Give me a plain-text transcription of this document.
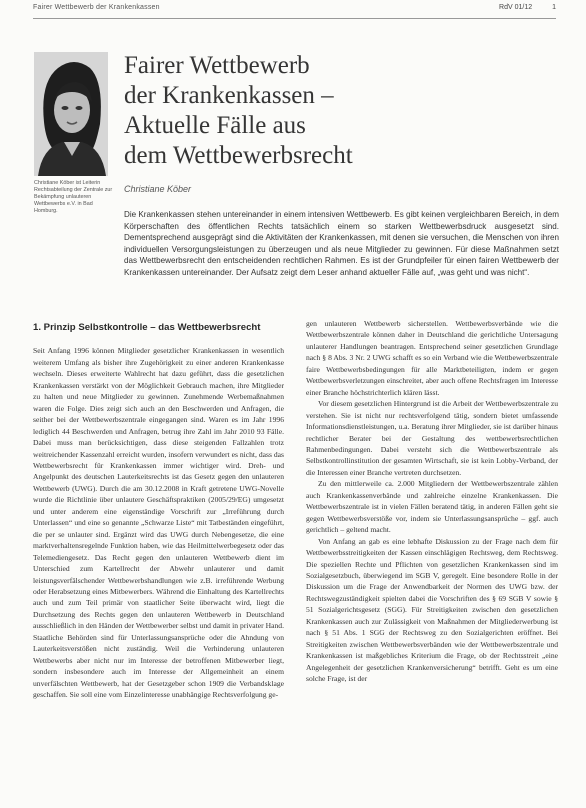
Fairer Wettbewerb der Krankenkassen	RdV 01/12	1
Christiane Köber ist Leiterin Rechtsabteilung der Zentrale zur Bekämpfung unlauteren Wettbewerbs e.V. in Bad Homburg.
Fairer Wettbewerb
der Krankenkassen –
Aktuelle Fälle aus
dem Wettbewerbsrecht
Christiane Köber
Die Krankenkassen stehen untereinander in einem intensiven Wettbewerb. Es gibt keinen vergleichbaren Bereich, in dem Körperschaften des öffentlichen Rechts tatsächlich einem so starken Wettbewerbsdruck ausgesetzt sind. Dementsprechend ausgeprägt sind die Aktivitäten der Krankenkassen, mit denen sie versuchen, die Menschen von ihren individuellen Versorgungsleistungen zu überzeugen und als neue Mitglieder zu gewinnen. Für diese Maßnahmen setzt das Wettbewerbsrecht den entscheidenden rechtlichen Rahmen. Es ist der Grundpfeiler für einen fairen Wettbewerb der Krankenkassen untereinander. Der Aufsatz zeigt dem Leser anhand aktueller Fälle auf, „was geht und was nicht“.
1. Prinzip Selbstkontrolle – das Wettbewerbsrecht

Seit Anfang 1996 können Mitglieder gesetzlicher Krankenkassen in wesentlich weiterem Umfang als bisher ihre Zugehörigkeit zu einer anderen Krankenkasse wechseln. Dieses erweiterte Wahlrecht hat dazu geführt, dass die gesetzlichen Krankenkassen verstärkt von der Möglichkeit Gebrauch machen, ihre Mitglieder zu halten und neue Mitglieder zu gewinnen. Zunehmende Werbemaßnahmen waren die Folge. Dies zeigt sich auch an den Beschwerden und Anfragen, die seither bei der Wettbewerbszentrale eingegangen sind. Waren es im Jahr 1996 lediglich 44 Beschwerden und Anfragen, betrug ihre Zahl im Jahr 2010 93 Fälle. Dabei muss man berücksichtigen, dass diese steigenden Fallzahlen trotz weitreichender Kassenzahl erreicht wurden, insofern verwundert es nicht, dass das Wettbewerbsrecht für Krankenkassen immer wichtiger wird. Dreh- und Angelpunkt des deutschen Lauterkeitsrechts ist das Gesetz gegen den unlauteren Wettbewerb (UWG). Durch die am 30.12.2008 in Kraft getretene UWG-Novelle wurde die Richtlinie über unlautere Geschäftspraktiken (2005/29/EG) umgesetzt und unter anderem eine eigenständige Vorschrift zur „Irreführung durch Unterlassen“ und eine so genannte „Schwarze Liste“ mit Tatbeständen eingeführt, die per se unlauter sind. Ergänzt wird das UWG durch Nebengesetze, die eine marktverhaltensregelnde Funktion haben, wie das Heilmittelwerbegesetz oder das Telemediengesetz. Das Recht gegen den unlauteren Wettbewerb dient im Unterschied zum Kartellrecht der Abwehr unlauterer und damit leistungsverfälschender Wettbewerbshandlungen wie z.B. irreführende Werbung oder Herabsetzung eines Mitbewerbers. Während die Einhaltung des Kartellrechts auch und zum Teil primär von staatlicher Seite überwacht wird, liegt die Durchsetzung des Rechts gegen den unlauteren Wettbewerb in Deutschland ausschließlich in den Händen der Wettbewerber selbst und damit in privater Hand. Staatliche Behörden sind für Unterlassungsansprüche oder die Ahndung von Lauterkeitsverstößen nicht zuständig. Weil die Verhinderung unlauteren Wettbewerbs aber nicht nur im Interesse der betroffenen Mitbewerber liegt, sondern insbesondere auch im Interesse der Allgemeinheit an einem unverfälschten Wettbewerb, hat der Gesetzgeber schon 1909 die Verbandsklage geschaffen. Sie soll eine vom Einzelinteresse unabhängige Rechtsverfolgung ge-

gen unlauteren Wettbewerb sicherstellen. Wettbewerbsverbände wie die Wettbewerbszentrale können daher in Deutschland die gerichtliche Untersagung unlauterer Handlungen beantragen. Entsprechend seiner gesetzlichen Grundlage nach § 8 Abs. 3 Nr. 2 UWG schafft es so ein Verband wie die Wettbewerbszentrale faire Wettbewerbsbedingungen für alle Marktbeteiligten, indem er gegen Wettbewerbsverletzungen einschreitet, aber auch offene Rechtsfragen im Interesse einer Branche höchstrichterlich klären lässt.

Vor diesem gesetzlichen Hintergrund ist die Arbeit der Wettbewerbszentrale zu verstehen. Sie ist nicht nur rechtsverfolgend tätig, sondern bietet umfassende Informationsdienstleistungen, u.a. Beratung ihrer Mitglieder, sie ist darüber hinaus rechtlicher Berater bei der Gestaltung des wettbewerbsrechtlichen Rahmenbedingungen. Dabei versteht sich die Wettbewerbszentrale als Selbstkontrollinstitution der gesamten Wirtschaft, sie ist kein Lobby-Verband, der die Interessen einer Branche vertreten durchsetzen.

Zu den mittlerweile ca. 2.000 Mitgliedern der Wettbewerbszentrale zählen auch Krankenkassenverbände und zahlreiche einzelne Krankenkassen. Die Wettbewerbszentrale ist in vielen Fällen beratend tätig, in anderen Fällen geht sie gegen Wettbewerbsverstöße vor, indem sie Unterlassungsansprüche – ggf. auch gerichtlich – geltend macht.

Von Anfang an gab es eine lebhafte Diskussion zu der Frage nach dem für Wettbewerbsstreitigkeiten der Kassen einschlägigen Rechtsweg, dem Rechtsweg. Die speziellen Rechte und Pflichten von gesetzlichen Krankenkassen sind im Sozialgesetzbuch, überwiegend im SGB V, geregelt. Eine besondere Rolle in der Diskussion um die Frage der Anwendbarkeit der Normen des UWG bzw. der Rechtswegzuständigkeit spielten dabei die Vorschriften des § 69 SGB V sowie § 51 Sozialgerichtsgesetz (SGG). Für Streitigkeiten zwischen den gesetzlichen Krankenkassen auch zur Zulässigkeit von Maßnahmen der Mitgliederwerbung ist nach § 51 Abs. 1 SGG der Rechtsweg zu den Sozialgerichten eröffnet. Bei Streitigkeiten zwischen Wettbewerbsverbänden wie der Wettbewerbszentrale und Krankenkassen ist maßgebliches Kriterium die Frage, ob der Rechtsstreit „eine Angelegenheit der gesetzlichen Krankenversicherung“ betrifft. Geht es um eine solche Frage, ist der
